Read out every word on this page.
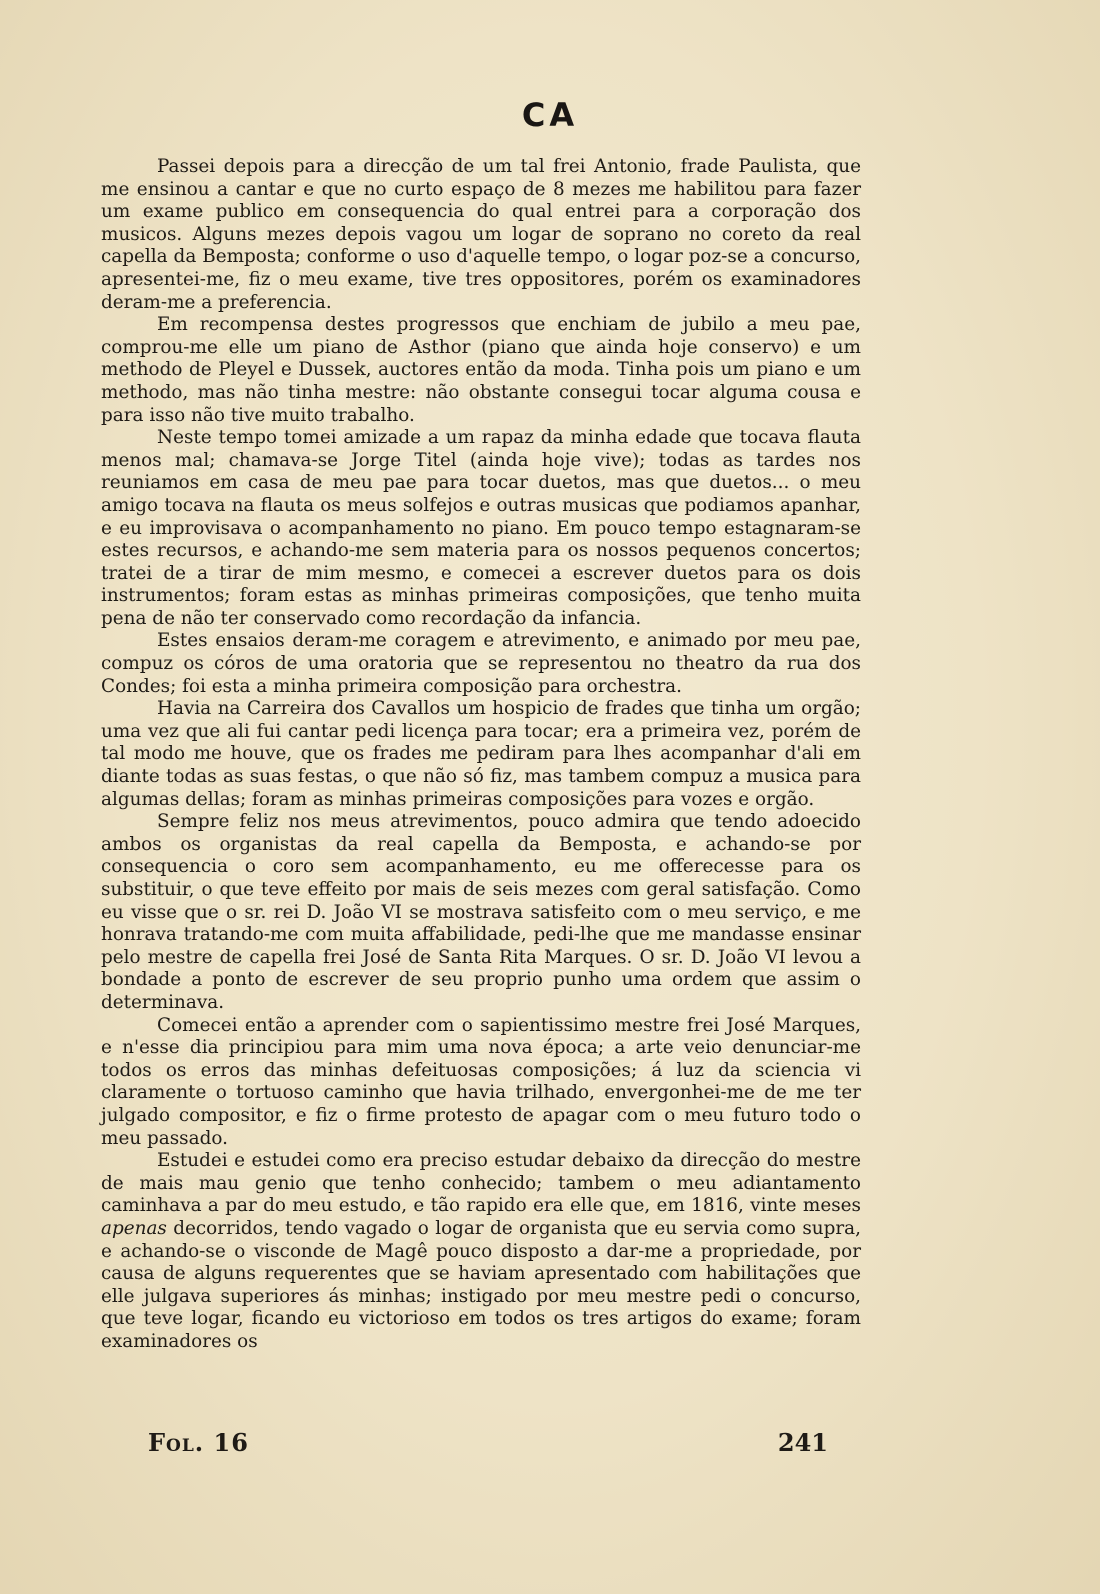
CA

Passei depois para a direcção de um tal frei Antonio, frade Paulista, que me ensinou a cantar e que no curto espaço de 8 mezes me habilitou para fazer um exame publico em consequencia do qual entrei para a corporação dos musicos. Alguns mezes depois vagou um logar de soprano no coreto da real capella da Bemposta; conforme o uso d'aquelle tempo, o logar poz-se a concurso, apresentei-me, fiz o meu exame, tive tres oppositores, porém os examinadores deram-me a preferencia.

Em recompensa destes progressos que enchiam de jubilo a meu pae, comprou-me elle um piano de Asthor (piano que ainda hoje conservo) e um methodo de Pleyel e Dussek, auctores então da moda. Tinha pois um piano e um methodo, mas não tinha mestre: não obstante consegui tocar alguma cousa e para isso não tive muito trabalho.

Neste tempo tomei amizade a um rapaz da minha edade que tocava flauta menos mal; chamava-se Jorge Titel (ainda hoje vive); todas as tardes nos reuniamos em casa de meu pae para tocar duetos, mas que duetos... o meu amigo tocava na flauta os meus solfejos e outras musicas que podiamos apanhar, e eu improvisava o acompanhamento no piano. Em pouco tempo estagnaram-se estes recursos, e achando-me sem materia para os nossos pequenos concertos; tratei de a tirar de mim mesmo, e comecei a escrever duetos para os dois instrumentos; foram estas as minhas primeiras composições, que tenho muita pena de não ter conservado como recordação da infancia.

Estes ensaios deram-me coragem e atrevimento, e animado por meu pae, compuz os córos de uma oratoria que se representou no theatro da rua dos Condes; foi esta a minha primeira composição para orchestra.

Havia na Carreira dos Cavallos um hospicio de frades que tinha um orgão; uma vez que ali fui cantar pedi licença para tocar; era a primeira vez, porém de tal modo me houve, que os frades me pediram para lhes acompanhar d'ali em diante todas as suas festas, o que não só fiz, mas tambem compuz a musica para algumas dellas; foram as minhas primeiras composições para vozes e orgão.

Sempre feliz nos meus atrevimentos, pouco admira que tendo adoecido ambos os organistas da real capella da Bemposta, e achando-se por consequencia o coro sem acompanhamento, eu me offerecesse para os substituir, o que teve effeito por mais de seis mezes com geral satisfação. Como eu visse que o sr. rei D. João VI se mostrava satisfeito com o meu serviço, e me honrava tratando-me com muita affabilidade, pedi-lhe que me mandasse ensinar pelo mestre de capella frei José de Santa Rita Marques. O sr. D. João VI levou a bondade a ponto de escrever de seu proprio punho uma ordem que assim o determinava.

Comecei então a aprender com o sapientissimo mestre frei José Marques, e n'esse dia principiou para mim uma nova época; a arte veio denunciar-me todos os erros das minhas defeituosas composições; á luz da sciencia vi claramente o tortuoso caminho que havia trilhado, envergonhei-me de me ter julgado compositor, e fiz o firme protesto de apagar com o meu futuro todo o meu passado.

Estudei e estudei como era preciso estudar debaixo da direcção do mestre de mais mau genio que tenho conhecido; tambem o meu adiantamento caminhava a par do meu estudo, e tão rapido era elle que, em 1816, vinte meses apenas decorridos, tendo vagado o logar de organista que eu servia como supra, e achando-se o visconde de Magê pouco disposto a dar-me a propriedade, por causa de alguns requerentes que se haviam apresentado com habilitações que elle julgava superiores ás minhas; instigado por meu mestre pedi o concurso, que teve logar, ficando eu victorioso em todos os tres artigos do exame; foram examinadores os

Fol. 16	241
